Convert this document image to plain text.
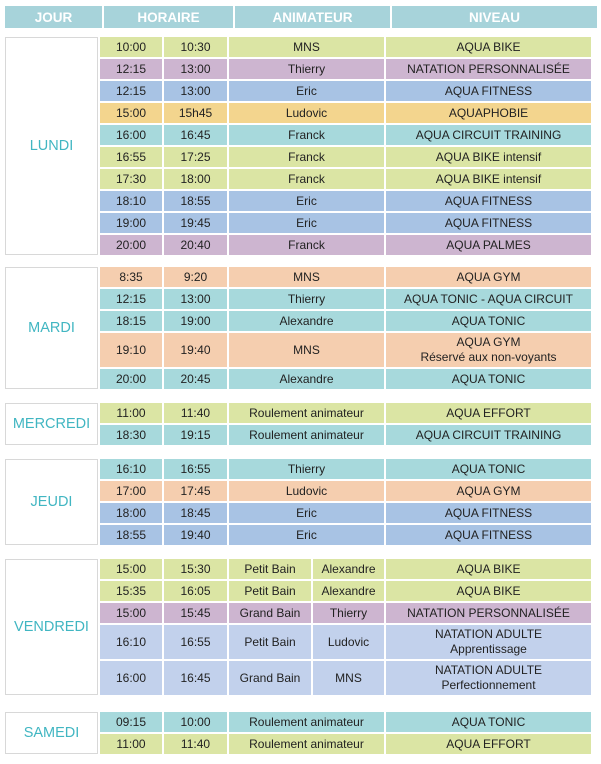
JOUR	HORAIRE	ANIMATEUR	NIVEAU
LUNDI	10:00	10:30	MNS	AQUA BIKE
	12:15	13:00	Thierry	NATATION PERSONNALISÉE
	12:15	13:00	Eric	AQUA FITNESS
	15:00	15h45	Ludovic	AQUAPHOBIE
	16:00	16:45	Franck	AQUA CIRCUIT TRAINING
	16:55	17:25	Franck	AQUA BIKE intensif
	17:30	18:00	Franck	AQUA BIKE intensif
	18:10	18:55	Eric	AQUA FITNESS
	19:00	19:45	Eric	AQUA FITNESS
	20:00	20:40	Franck	AQUA PALMES
MARDI	8:35	9:20	MNS	AQUA GYM
	12:15	13:00	Thierry	AQUA TONIC - AQUA CIRCUIT
	18:15	19:00	Alexandre	AQUA TONIC
	19:10	19:40	MNS	AQUA GYM
Réservé aux non-voyants

	20:00	20:45	Alexandre	AQUA TONIC
MERCREDI	11:00	11:40	Roulement animateur	AQUA EFFORT
	18:30	19:15	Roulement animateur	AQUA CIRCUIT TRAINING
JEUDI	16:10	16:55	Thierry	AQUA TONIC
	17:00	17:45	Ludovic	AQUA GYM
	18:00	18:45	Eric	AQUA FITNESS
	18:55	19:40	Eric	AQUA FITNESS
VENDREDI	15:00	15:30	Petit Bain	Alexandre	AQUA BIKE
	15:35	16:05	Petit Bain	Alexandre	AQUA BIKE
	15:00	15:45	Grand Bain	Thierry	NATATION PERSONNALISÉE
	16:10	16:55	Petit Bain	Ludovic	NATATION ADULTE
Apprentissage

	16:00	16:45	Grand Bain	MNS	NATATION ADULTE
Perfectionnement
SAMEDI	09:15	10:00	Roulement animateur	AQUA TONIC
	11:00	11:40	Roulement animateur	AQUA EFFORT
